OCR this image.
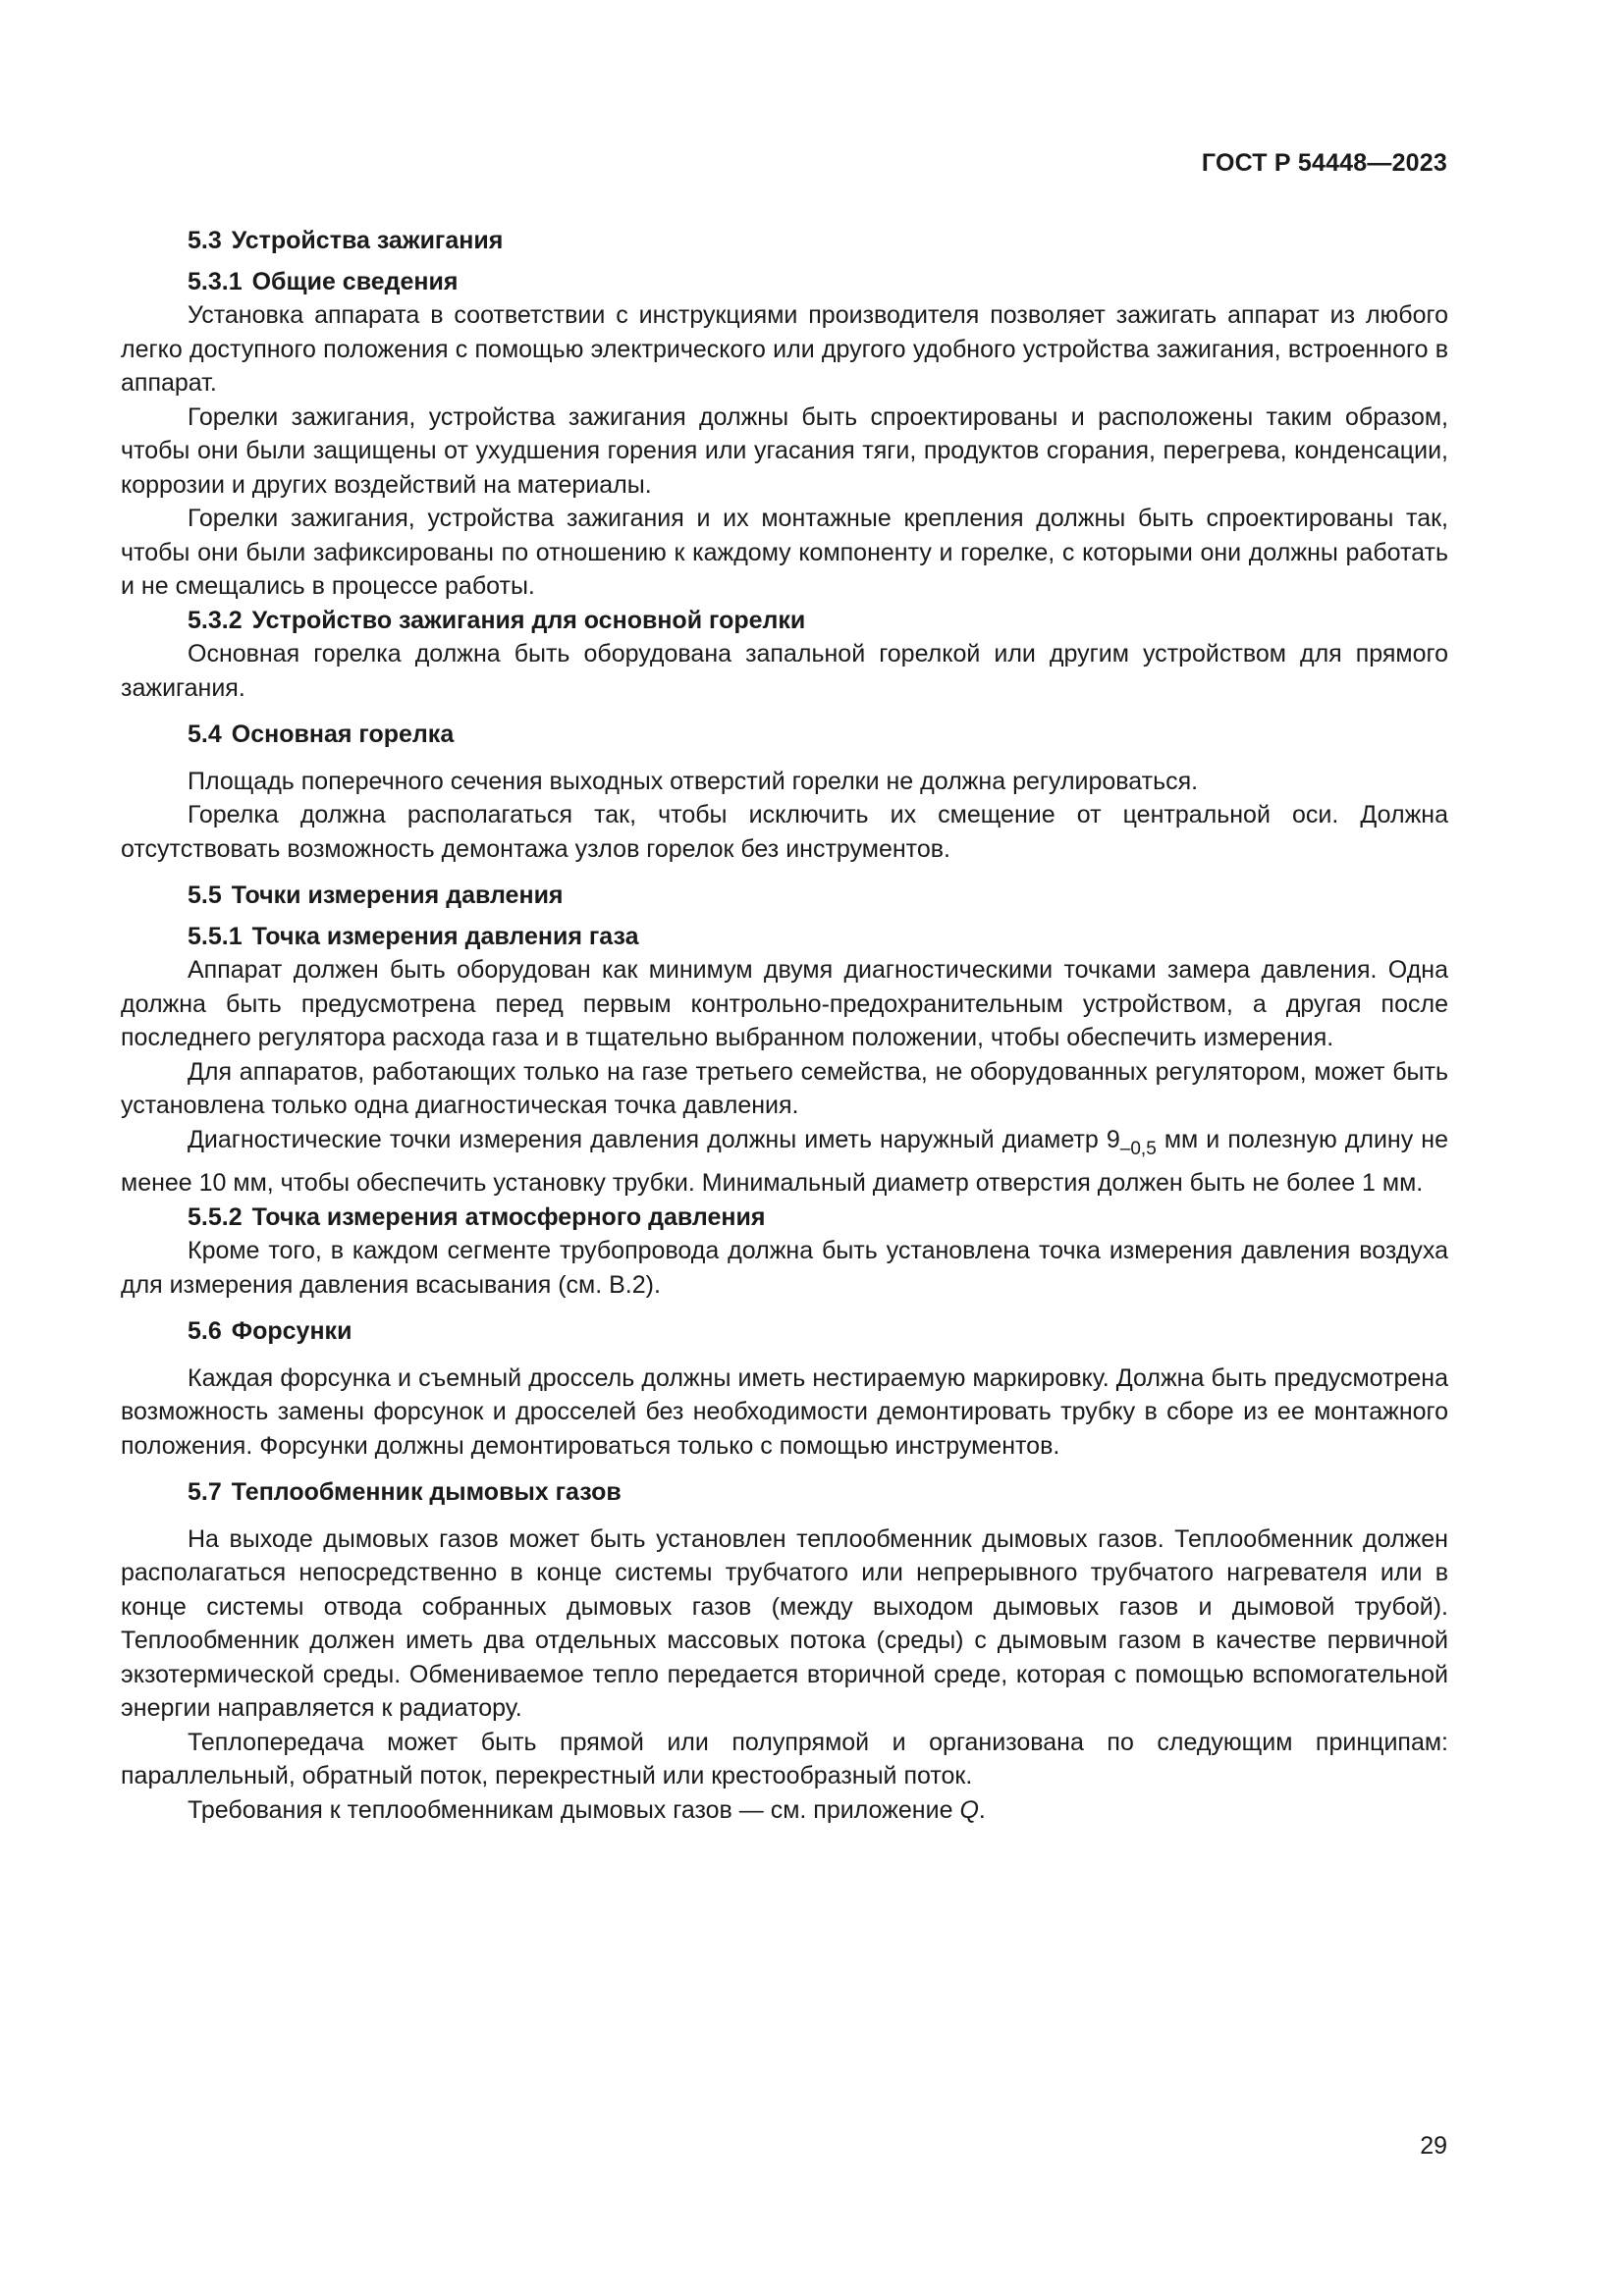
ГОСТ Р 54448—2023
5.3 Устройства зажигания
5.3.1 Общие сведения

Установка аппарата в соответствии с инструкциями производителя позволяет зажигать аппарат из любого легко доступного положения с помощью электрического или другого удобного устройства зажигания, встроенного в аппарат.

Горелки зажигания, устройства зажигания должны быть спроектированы и расположены таким образом, чтобы они были защищены от ухудшения горения или угасания тяги, продуктов сгорания, перегрева, конденсации, коррозии и других воздействий на материалы.

Горелки зажигания, устройства зажигания и их монтажные крепления должны быть спроектированы так, чтобы они были зафиксированы по отношению к каждому компоненту и горелке, с которыми они должны работать и не смещались в процессе работы.

5.3.2 Устройство зажигания для основной горелки

Основная горелка должна быть оборудована запальной горелкой или другим устройством для прямого зажигания.

5.4 Основная горелка

Площадь поперечного сечения выходных отверстий горелки не должна регулироваться.

Горелка должна располагаться так, чтобы исключить их смещение от центральной оси. Должна отсутствовать возможность демонтажа узлов горелок без инструментов.

5.5 Точки измерения давления
5.5.1 Точка измерения давления газа

Аппарат должен быть оборудован как минимум двумя диагностическими точками замера давления. Одна должна быть предусмотрена перед первым контрольно-предохранительным устройством, а другая после последнего регулятора расхода газа и в тщательно выбранном положении, чтобы обеспечить измерения.

Для аппаратов, работающих только на газе третьего семейства, не оборудованных регулятором, может быть установлена только одна диагностическая точка давления.

Диагностические точки измерения давления должны иметь наружный диаметр $9_{-0,5}$ мм и полезную длину не менее 10 мм, чтобы обеспечить установку трубки. Минимальный диаметр отверстия должен быть не более 1 мм.

5.5.2 Точка измерения атмосферного давления

Кроме того, в каждом сегменте трубопровода должна быть установлена точка измерения давления воздуха для измерения давления всасывания (см. В.2).

5.6 Форсунки

Каждая форсунка и съемный дроссель должны иметь нестираемую маркировку. Должна быть предусмотрена возможность замены форсунок и дросселей без необходимости демонтировать трубку в сборе из ее монтажного положения. Форсунки должны демонтироваться только с помощью инструментов.

5.7 Теплообменник дымовых газов

На выходе дымовых газов может быть установлен теплообменник дымовых газов. Теплообменник должен располагаться непосредственно в конце системы трубчатого или непрерывного трубчатого нагревателя или в конце системы отвода собранных дымовых газов (между выходом дымовых газов и дымовой трубой). Теплообменник должен иметь два отдельных массовых потока (среды) с дымовым газом в качестве первичной экзотермической среды. Обмениваемое тепло передается вторичной среде, которая с помощью вспомогательной энергии направляется к радиатору.

Теплопередача может быть прямой или полупрямой и организована по следующим принципам: параллельный, обратный поток, перекрестный или крестообразный поток.

Требования к теплообменникам дымовых газов — см. приложение Q.

29
